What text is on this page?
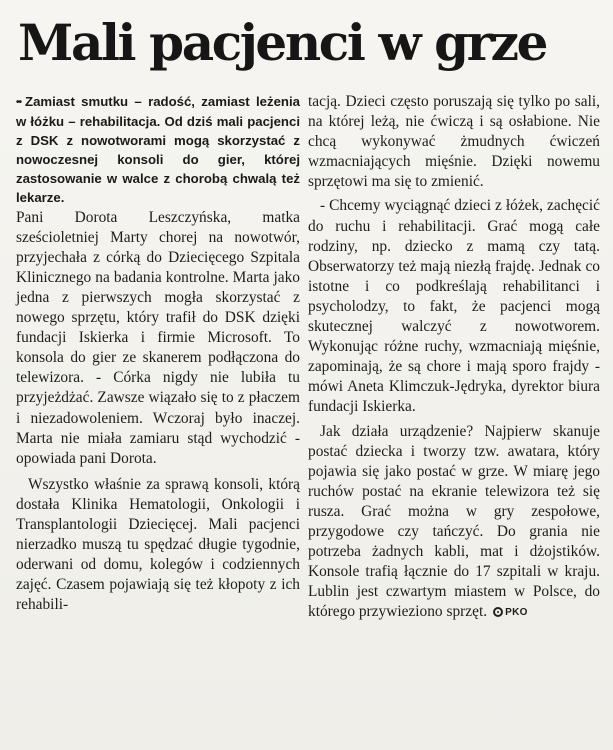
Mali pacjenci w grze

•• Zamiast smutku – radość, zamiast leżenia w łóżku – rehabilitacja. Od dziś mali pacjenci z DSK z nowotworami mogą skorzystać z nowoczesnej konsoli do gier, której zastosowanie w walce z chorobą chwalą też lekarze.

Pani Dorota Leszczyńska, matka sześcioletniej Marty chorej na nowotwór, przyjechała z córką do Dziecięcego Szpitala Klinicznego na badania kontrolne. Marta jako jedna z pierwszych mogła skorzystać z nowego sprzętu, który trafił do DSK dzięki fundacji Iskierka i firmie Microsoft. To konsola do gier ze skanerem podłączona do telewizora. - Córka nigdy nie lubiła tu przyjeżdżać. Zawsze wiązało się to z płaczem i niezadowoleniem. Wczoraj było inaczej. Marta nie miała zamiaru stąd wychodzić - opowiada pani Dorota.

Wszystko właśnie za sprawą konsoli, którą dostała Klinika Hematologii, Onkologii i Transplantologii Dziecięcej. Mali pacjenci nierzadko muszą tu spędzać długie tygodnie, oderwani od domu, kolegów i codziennych zajęć. Czasem pojawiają się też kłopoty z ich rehabili-

tacją. Dzieci często poruszają się tylko po sali, na której leżą, nie ćwiczą i są osłabione. Nie chcą wykonywać żmudnych ćwiczeń wzmacniających mięśnie. Dzięki nowemu sprzętowi ma się to zmienić.

- Chcemy wyciągnąć dzieci z łóżek, zachęcić do ruchu i rehabilitacji. Grać mogą całe rodziny, np. dziecko z mamą czy tatą. Obserwatorzy też mają niezłą frajdę. Jednak co istotne i co podkreślają rehabilitanci i psycholodzy, to fakt, że pacjenci mogą skutecznej walczyć z nowotworem. Wykonując różne ruchy, wzmacniają mięśnie, zapominają, że są chore i mają sporo frajdy - mówi Aneta Klimczuk-Jędryka, dyrektor biura fundacji Iskierka.

Jak działa urządzenie? Najpierw skanuje postać dziecka i tworzy tzw. awatara, który pojawia się jako postać w grze. W miarę jego ruchów postać na ekranie telewizora też się rusza. Grać można w gry zespołowe, przygodowe czy tańczyć. Do grania nie potrzeba żadnych kabli, mat i dżojstików. Konsole trafią łącznie do 17 szpitali w kraju. Lublin jest czwartym miastem w Polsce, do którego przywieziono sprzęt. PKO
